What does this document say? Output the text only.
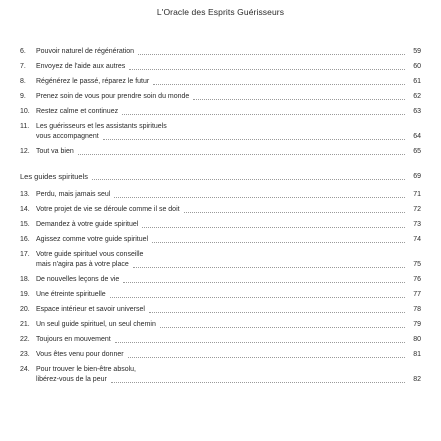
L'Oracle des Esprits Guérisseurs
6.	Pouvoir naturel de régénération	59
7.	Envoyez de l'aide aux autres	60
8.	Régénérez le passé, réparez le futur	61
9.	Prenez soin de vous pour prendre soin du monde	62
10. Restez calme et continuez	63
11. Les guérisseurs et les assistants spirituels
vous accompagnent	64
12. Tout va bien	65
Les guides spirituels	69
13. Perdu, mais jamais seul	71
14. Votre projet de vie se déroule comme il se doit	72
15. Demandez à votre guide spirituel	73
16. Agissez comme votre guide spirituel	74
17. Votre guide spirituel vous conseille
mais n'agira pas à votre place	75
18. De nouvelles leçons de vie	76
19. Une étreinte spirituelle	77
20. Espace intérieur et savoir universel	78
21. Un seul guide spirituel, un seul chemin	79
22. Toujours en mouvement	80
23. Vous êtes venu pour donner	81
24. Pour trouver le bien-être absolu,
libérez-vous de la peur	82
